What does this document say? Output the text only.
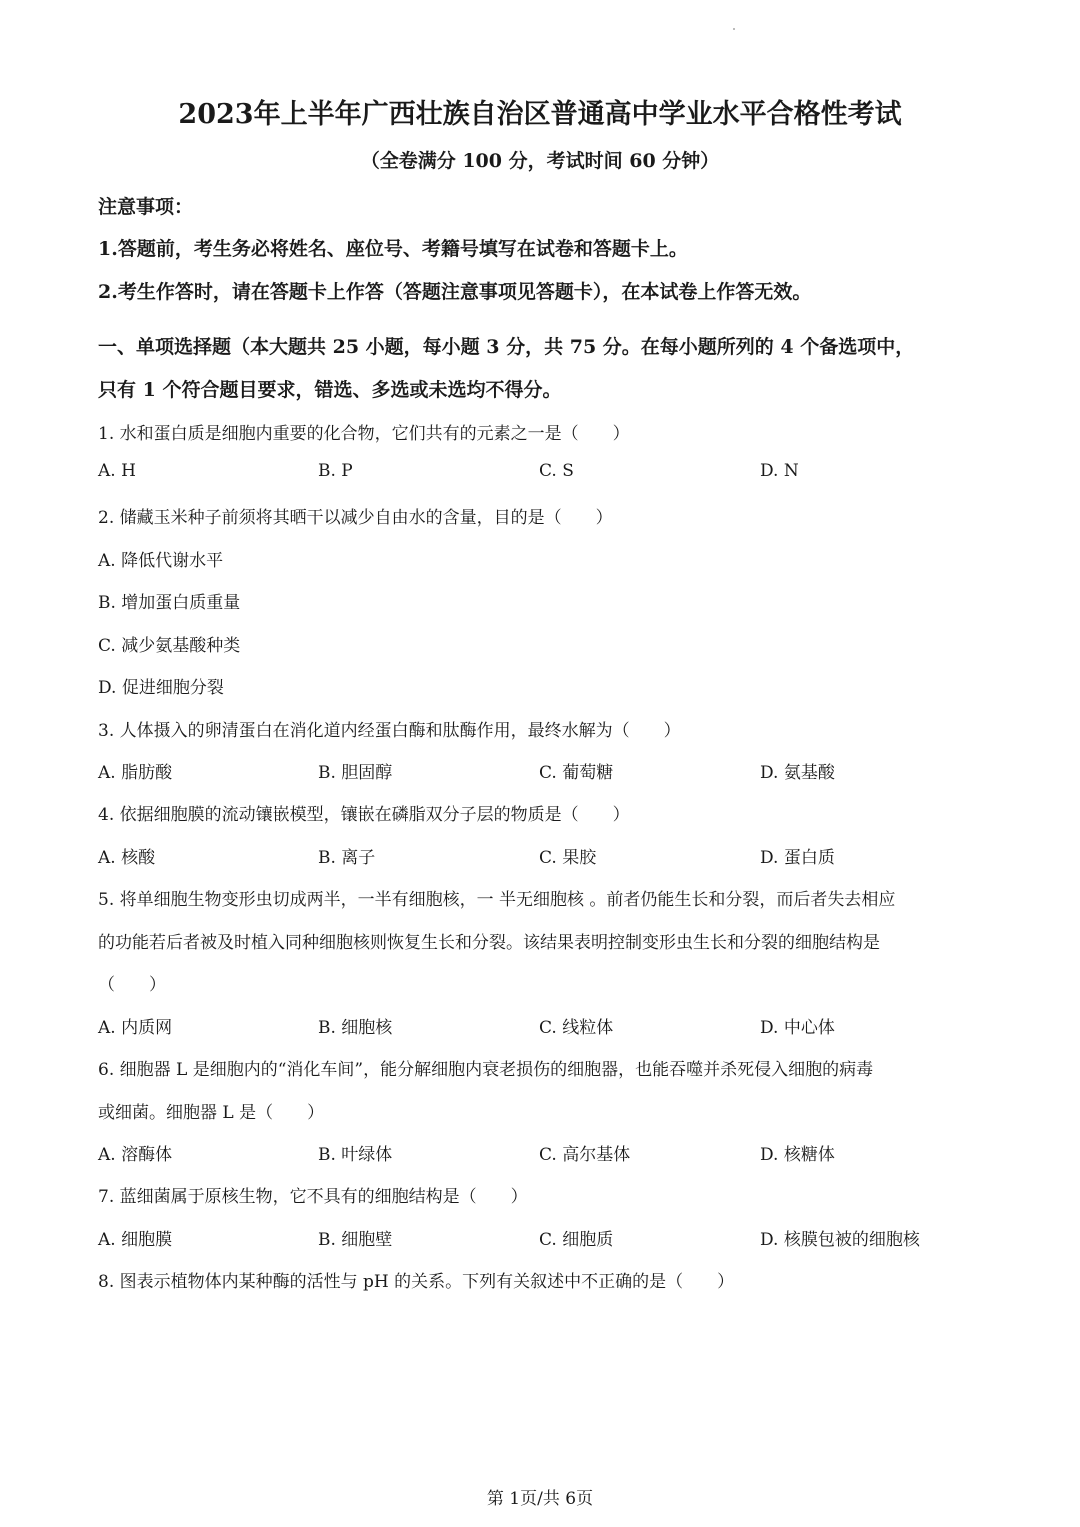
2023年上半年广西壮族自治区普通高中学业水平合格性考试
（全卷满分 100 分，考试时间 60 分钟）
注意事项：
1.答题前，考生务必将姓名、座位号、考籍号填写在试卷和答题卡上。
2.考生作答时，请在答题卡上作答（答题注意事项见答题卡），在本试卷上作答无效。
一、单项选择题（本大题共 25 小题，每小题 3 分，共 75 分。在每小题所列的 4 个备选项中，
只有 1 个符合题目要求，错选、多选或未选均不得分。
1. 水和蛋白质是细胞内重要的化合物，它们共有的元素之一是（　　）
A. H	B. P	C. S	D. N
2. 储藏玉米种子前须将其晒干以减少自由水的含量，目的是（　　）
A. 降低代谢水平
B. 增加蛋白质重量
C. 减少氨基酸种类
D. 促进细胞分裂
3. 人体摄入的卵清蛋白在消化道内经蛋白酶和肽酶作用，最终水解为（　　）
A. 脂肪酸	B. 胆固醇	C. 葡萄糖	D. 氨基酸
4. 依据细胞膜的流动镶嵌模型，镶嵌在磷脂双分子层的物质是（　　）
A. 核酸	B. 离子	C. 果胶	D. 蛋白质
5. 将单细胞生物变形虫切成两半，一半有细胞核，一 半无细胞核 。前者仍能生长和分裂，而后者失去相应
的功能若后者被及时植入同种细胞核则恢复生长和分裂。该结果表明控制变形虫生长和分裂的细胞结构是
（　　）
A. 内质网	B. 细胞核	C. 线粒体	D. 中心体
6. 细胞器 L 是细胞内的“消化车间”，能分解细胞内衰老损伤的细胞器，也能吞噬并杀死侵入细胞的病毒
或细菌。细胞器 L 是（　　）
A. 溶酶体	B. 叶绿体	C. 高尔基体	D. 核糖体
7. 蓝细菌属于原核生物，它不具有的细胞结构是（　　）
A. 细胞膜	B. 细胞壁	C. 细胞质	D. 核膜包被的细胞核
8. 图表示植物体内某种酶的活性与 pH 的关系。下列有关叙述中不正确的是（　　）
第 1页/共 6页
